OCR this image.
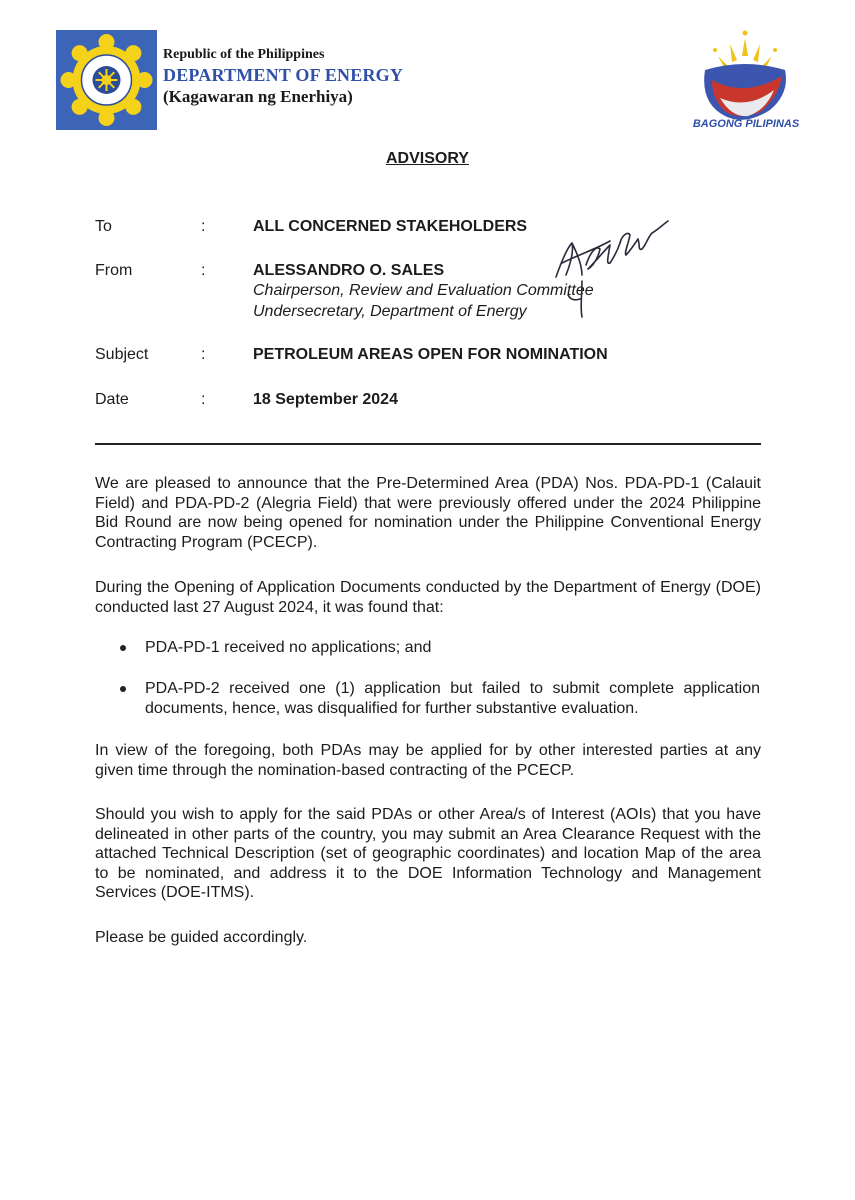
Republic of the Philippines
DEPARTMENT OF ENERGY
(Kagawaran ng Enerhiya)
BAGONG PILIPINAS
ADVISORY
To	:	ALL CONCERNED STAKEHOLDERS
From	:	ALESSANDRO O. SALES
Chairperson, Review and Evaluation Committee
Undersecretary, Department of Energy
Subject	:	PETROLEUM AREAS OPEN FOR NOMINATION
Date	:	18 September 2024
We are pleased to announce that the Pre-Determined Area (PDA) Nos. PDA-PD-1 (Calauit Field) and PDA-PD-2 (Alegria Field) that were previously offered under the 2024 Philippine Bid Round are now being opened for nomination under the Philippine Conventional Energy Contracting Program (PCECP).
During the Opening of Application Documents conducted by the Department of Energy (DOE) conducted last 27 August 2024, it was found that:
PDA-PD-1 received no applications; and
PDA-PD-2 received one (1) application but failed to submit complete application documents, hence, was disqualified for further substantive evaluation.
In view of the foregoing, both PDAs may be applied for by other interested parties at any given time through the nomination-based contracting of the PCECP.
Should you wish to apply for the said PDAs or other Area/s of Interest (AOIs) that you have delineated in other parts of the country, you may submit an Area Clearance Request with the attached Technical Description (set of geographic coordinates) and location Map of the area to be nominated, and address it to the DOE Information Technology and Management Services (DOE-ITMS).
Please be guided accordingly.
